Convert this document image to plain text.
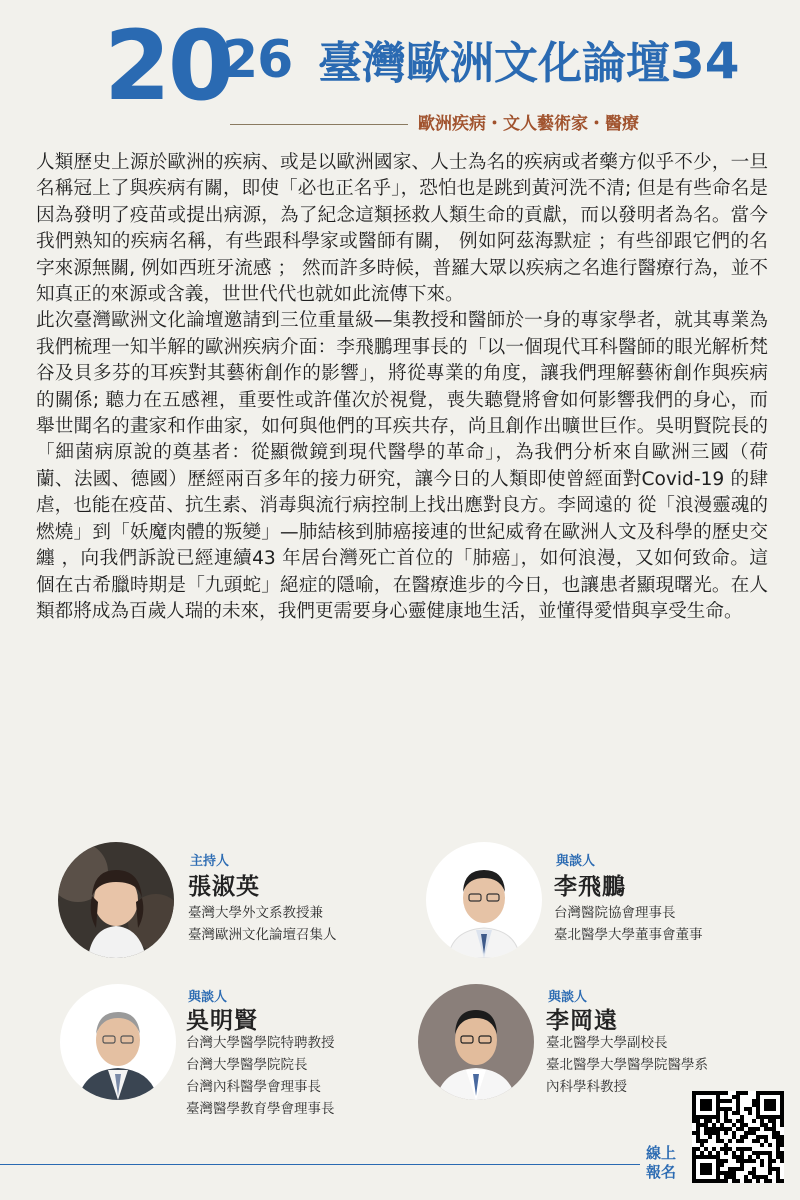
20
26 臺灣歐洲文化論壇34
歐洲疾病・文人藝術家・醫療

人類歷史上源於歐洲的疾病、或是以歐洲國家、人士為名的疾病或者藥方似乎不少，一旦名稱冠上了與疾病有關，即使「必也正名乎」，恐怕也是跳到黃河洗不清; 但是有些命名是因為發明了疫苗或提出病源，為了紀念這類拯救人類生命的貢獻，而以發明者為名。當今我們熟知的疾病名稱，有些跟科學家或醫師有關， 例如阿茲海默症 ；有些卻跟它們的名字來源無關, 例如西班牙流感 ； 然而許多時候，普羅大眾以疾病之名進行醫療行為，並不知真正的來源或含義，世世代代也就如此流傳下來。

此次臺灣歐洲文化論壇邀請到三位重量級—集教授和醫師於一身的專家學者，就其專業為我們梳理一知半解的歐洲疾病介面：李飛鵬理事長的「以一個現代耳科醫師的眼光解析梵谷及貝多芬的耳疾對其藝術創作的影響」，將從專業的角度，讓我們理解藝術創作與疾病的關係; 聽力在五感裡，重要性或許僅次於視覺，喪失聽覺將會如何影響我們的身心，而舉世聞名的畫家和作曲家，如何與他們的耳疾共存，尚且創作出曠世巨作。吳明賢院長的「細菌病原說的奠基者：從顯微鏡到現代醫學的革命」，為我們分析來自歐洲三國（荷蘭、法國、德國）歷經兩百多年的接力研究，讓今日的人類即使曾經面對Covid-19 的肆虐，也能在疫苗、抗生素、消毒與流行病控制上找出應對良方。李岡遠的 從「浪漫靈魂的燃燒」到「妖魔肉體的叛變」—肺結核到肺癌接連的世紀威脅在歐洲人文及科學的歷史交纏 ，向我們訴說已經連續43 年居台灣死亡首位的「肺癌」，如何浪漫，又如何致命。這個在古希臘時期是「九頭蛇」絕症的隱喻，在醫療進步的今日，也讓患者顯現曙光。在人類都將成為百歲人瑞的未來，我們更需要身心靈健康地生活，並懂得愛惜與享受生命。

主持人
張淑英
臺灣大學外文系教授兼
臺灣歐洲文化論壇召集人
與談人
李飛鵬
台灣醫院協會理事長
臺北醫學大學董事會董事
與談人
吳明賢
台灣大學醫學院特聘教授
台灣大學醫學院院長
台灣內科醫學會理事長
臺灣醫學教育學會理事長
與談人
李岡遠
臺北醫學大學副校長
臺北醫學大學醫學院醫學系
內科學科教授
線上報名
